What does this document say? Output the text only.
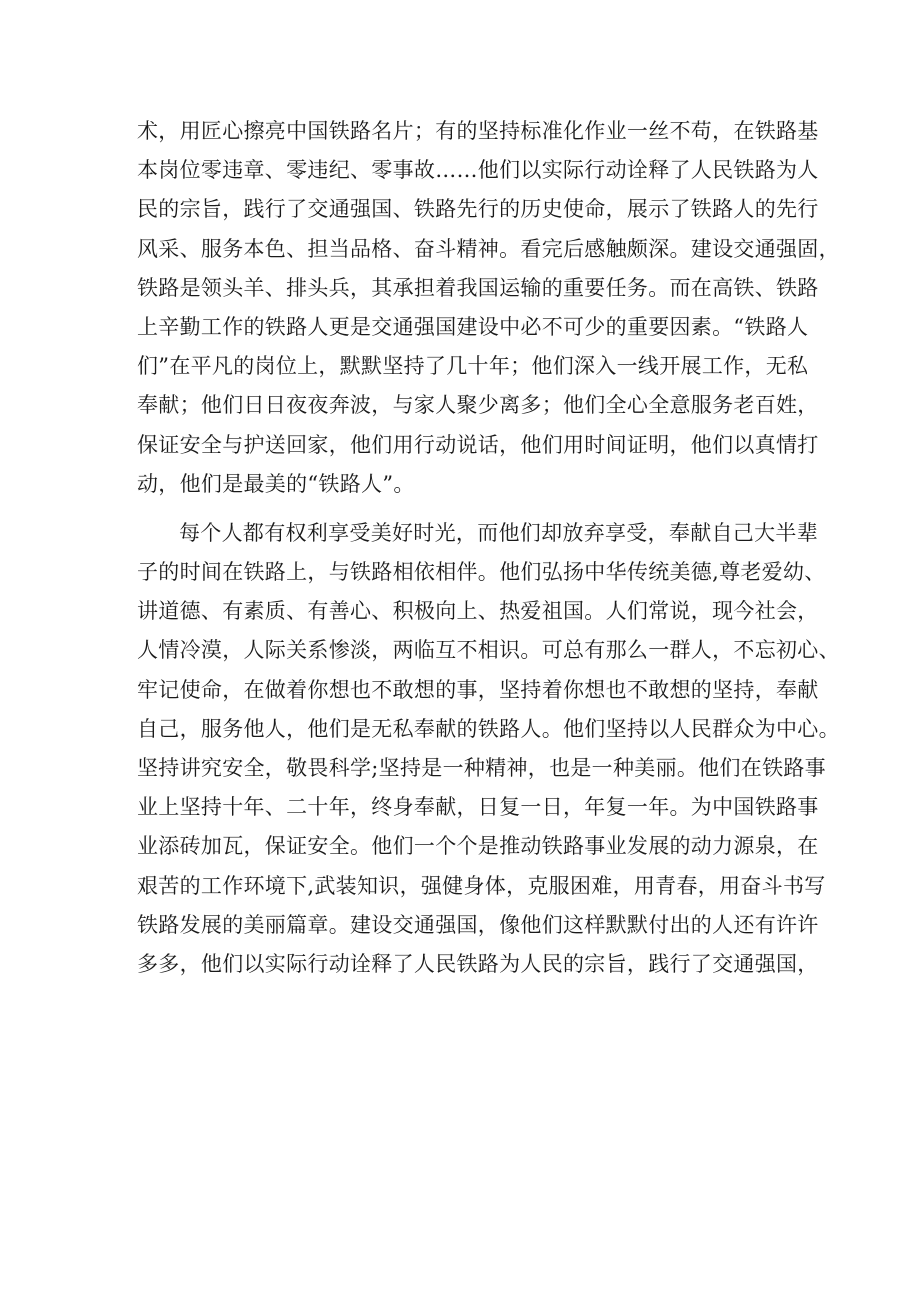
术，用匠心擦亮中国铁路名片；有的坚持标准化作业一丝不苟，在铁路基
本岗位零违章、零违纪、零事故……他们以实际行动诠释了人民铁路为人
民的宗旨，践行了交通强国、铁路先行的历史使命，展示了铁路人的先行
风采、服务本色、担当品格、奋斗精神。看完后感触颇深。建设交通强固，
铁路是领头羊、排头兵，其承担着我国运输的重要任务。而在高铁、铁路
上辛勤工作的铁路人更是交通强国建设中必不可少的重要因素。“铁路人
们”在平凡的岗位上，默默坚持了几十年；他们深入一线开展工作，无私
奉献；他们日日夜夜奔波，与家人聚少离多；他们全心全意服务老百姓，
保证安全与护送回家，他们用行动说话，他们用时间证明，他们以真情打
动，他们是最美的“铁路人”。
每个人都有权利享受美好时光，而他们却放弃享受，奉献自己大半辈
子的时间在铁路上，与铁路相依相伴。他们弘扬中华传统美德,尊老爱幼、
讲道德、有素质、有善心、积极向上、热爱祖国。人们常说，现今社会，
人情冷漠，人际关系惨淡，两临互不相识。可总有那么一群人，不忘初心、
牢记使命，在做着你想也不敢想的事，坚持着你想也不敢想的坚持，奉献
自己，服务他人，他们是无私奉献的铁路人。他们坚持以人民群众为中心。
坚持讲究安全，敬畏科学;坚持是一种精神，也是一种美丽。他们在铁路事
业上坚持十年、二十年，终身奉献，日复一日，年复一年。为中国铁路事
业添砖加瓦，保证安全。他们一个个是推动铁路事业发展的动力源泉，在
艰苦的工作环境下,武装知识，强健身体，克服困难，用青春，用奋斗书写
铁路发展的美丽篇章。建设交通强国，像他们这样默默付出的人还有许许
多多，他们以实际行动诠释了人民铁路为人民的宗旨，践行了交通强国，
